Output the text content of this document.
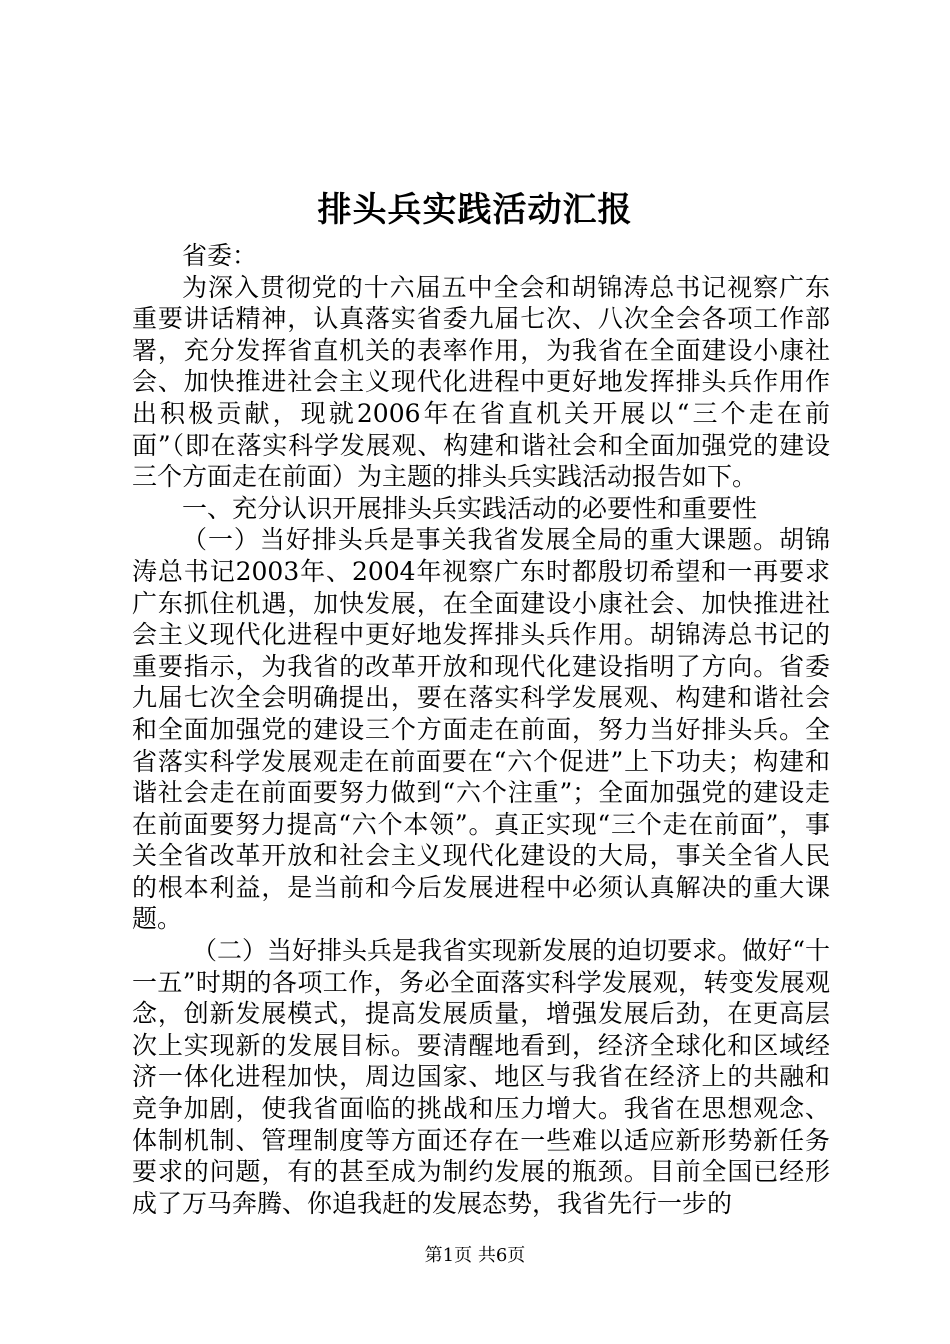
排头兵实践活动汇报

省委：

为深入贯彻党的十六届五中全会和胡锦涛总书记视察广东重要讲话精神，认真落实省委九届七次、八次全会各项工作部署，充分发挥省直机关的表率作用，为我省在全面建设小康社会、加快推进社会主义现代化进程中更好地发挥排头兵作用作出积极贡献，现就2006年在省直机关开展以“三个走在前面”（即在落实科学发展观、构建和谐社会和全面加强党的建设三个方面走在前面）为主题的排头兵实践活动报告如下。

一、充分认识开展排头兵实践活动的必要性和重要性

（一）当好排头兵是事关我省发展全局的重大课题。胡锦涛总书记2003年、2004年视察广东时都殷切希望和一再要求广东抓住机遇，加快发展，在全面建设小康社会、加快推进社会主义现代化进程中更好地发挥排头兵作用。胡锦涛总书记的重要指示，为我省的改革开放和现代化建设指明了方向。省委九届七次全会明确提出，要在落实科学发展观、构建和谐社会和全面加强党的建设三个方面走在前面，努力当好排头兵。全省落实科学发展观走在前面要在“六个促进”上下功夫；构建和谐社会走在前面要努力做到“六个注重”；全面加强党的建设走在前面要努力提高“六个本领”。真正实现“三个走在前面”，事关全省改革开放和社会主义现代化建设的大局，事关全省人民的根本利益，是当前和今后发展进程中必须认真解决的重大课题。

（二）当好排头兵是我省实现新发展的迫切要求。做好“十一五”时期的各项工作，务必全面落实科学发展观，转变发展观念，创新发展模式，提高发展质量，增强发展后劲，在更高层次上实现新的发展目标。要清醒地看到，经济全球化和区域经济一体化进程加快，周边国家、地区与我省在经济上的共融和竞争加剧，使我省面临的挑战和压力增大。我省在思想观念、体制机制、管理制度等方面还存在一些难以适应新形势新任务要求的问题，有的甚至成为制约发展的瓶颈。目前全国已经形成了万马奔腾、你追我赶的发展态势，我省先行一步的

第1页 共6页
